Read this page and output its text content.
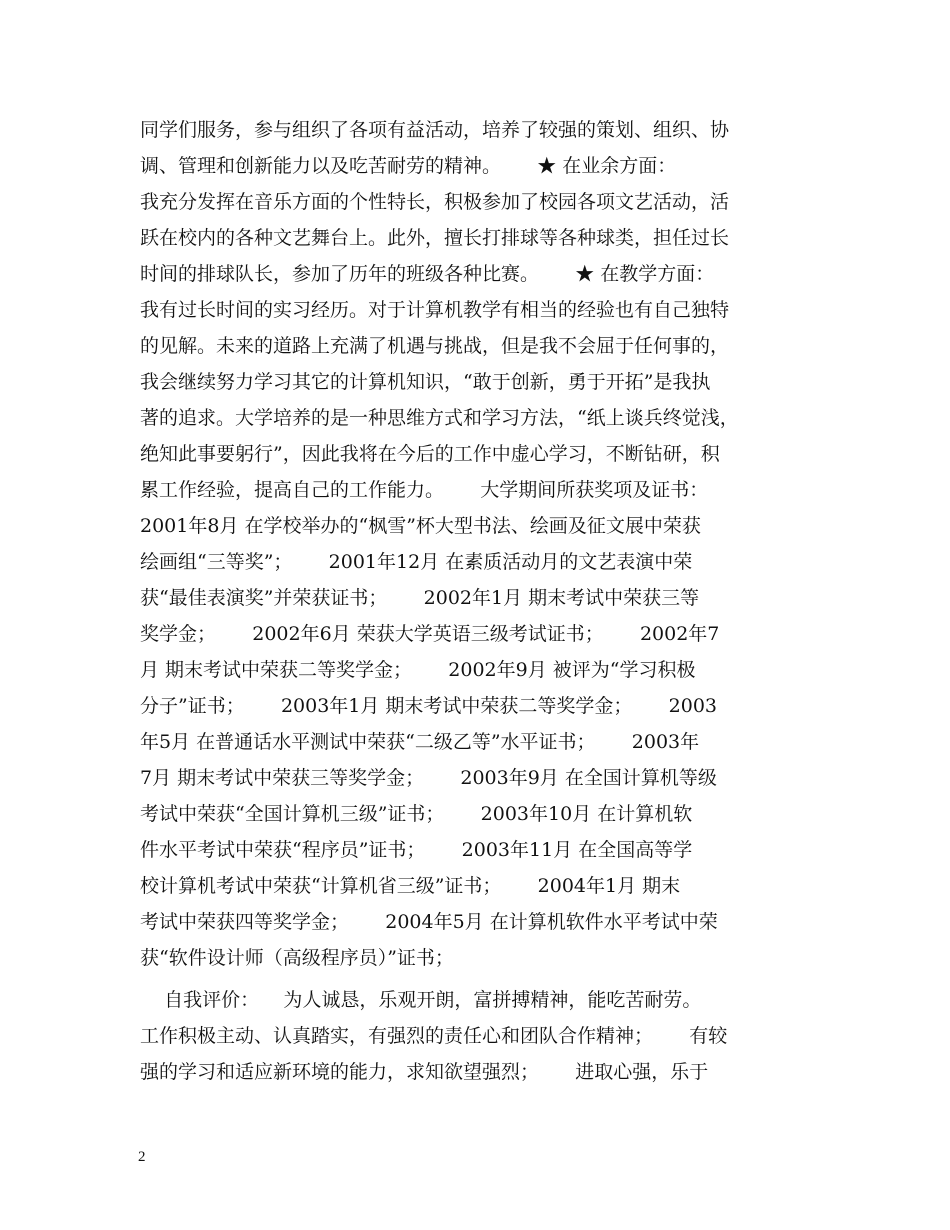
同学们服务，参与组织了各项有益活动，培养了较强的策划、组织、协

调、管理和创新能力以及吃苦耐劳的精神。      ★ 在业余方面：

我充分发挥在音乐方面的个性特长，积极参加了校园各项文艺活动，活

跃在校内的各种文艺舞台上。此外，擅长打排球等各种球类，担任过长

时间的排球队长，参加了历年的班级各种比赛。      ★ 在教学方面：

我有过长时间的实习经历。对于计算机教学有相当的经验也有自己独特

的见解。未来的道路上充满了机遇与挑战，但是我不会屈于任何事的，

我会继续努力学习其它的计算机知识，“敢于创新，勇于开拓”是我执

著的追求。大学培养的是一种思维方式和学习方法，“纸上谈兵终觉浅，

绝知此事要躬行”，因此我将在今后的工作中虚心学习，不断钻研，积

累工作经验，提高自己的工作能力。      大学期间所获奖项及证书：

2001年8月 在学校举办的“枫雪”杯大型书法、绘画及征文展中荣获

绘画组“三等奖”；      2001年12月 在素质活动月的文艺表演中荣

获“最佳表演奖”并荣获证书；      2002年1月 期末考试中荣获三等

奖学金；      2002年6月 荣获大学英语三级考试证书；      2002年7

月 期末考试中荣获二等奖学金；      2002年9月 被评为“学习积极

分子”证书；      2003年1月 期末考试中荣获二等奖学金；      2003

年5月 在普通话水平测试中荣获“二级乙等”水平证书；      2003年

7月 期末考试中荣获三等奖学金；      2003年9月 在全国计算机等级

考试中荣获“全国计算机三级”证书；      2003年10月 在计算机软

件水平考试中荣获“程序员”证书；      2003年11月 在全国高等学

校计算机考试中荣获“计算机省三级”证书；      2004年1月 期末

考试中荣获四等奖学金；      2004年5月 在计算机软件水平考试中荣

获“软件设计师（高级程序员）”证书；

自我评价：    为人诚恳，乐观开朗，富拼搏精神，能吃苦耐劳。

工作积极主动、认真踏实，有强烈的责任心和团队合作精神；      有较

强的学习和适应新环境的能力，求知欲望强烈；      进取心强，乐于

2
